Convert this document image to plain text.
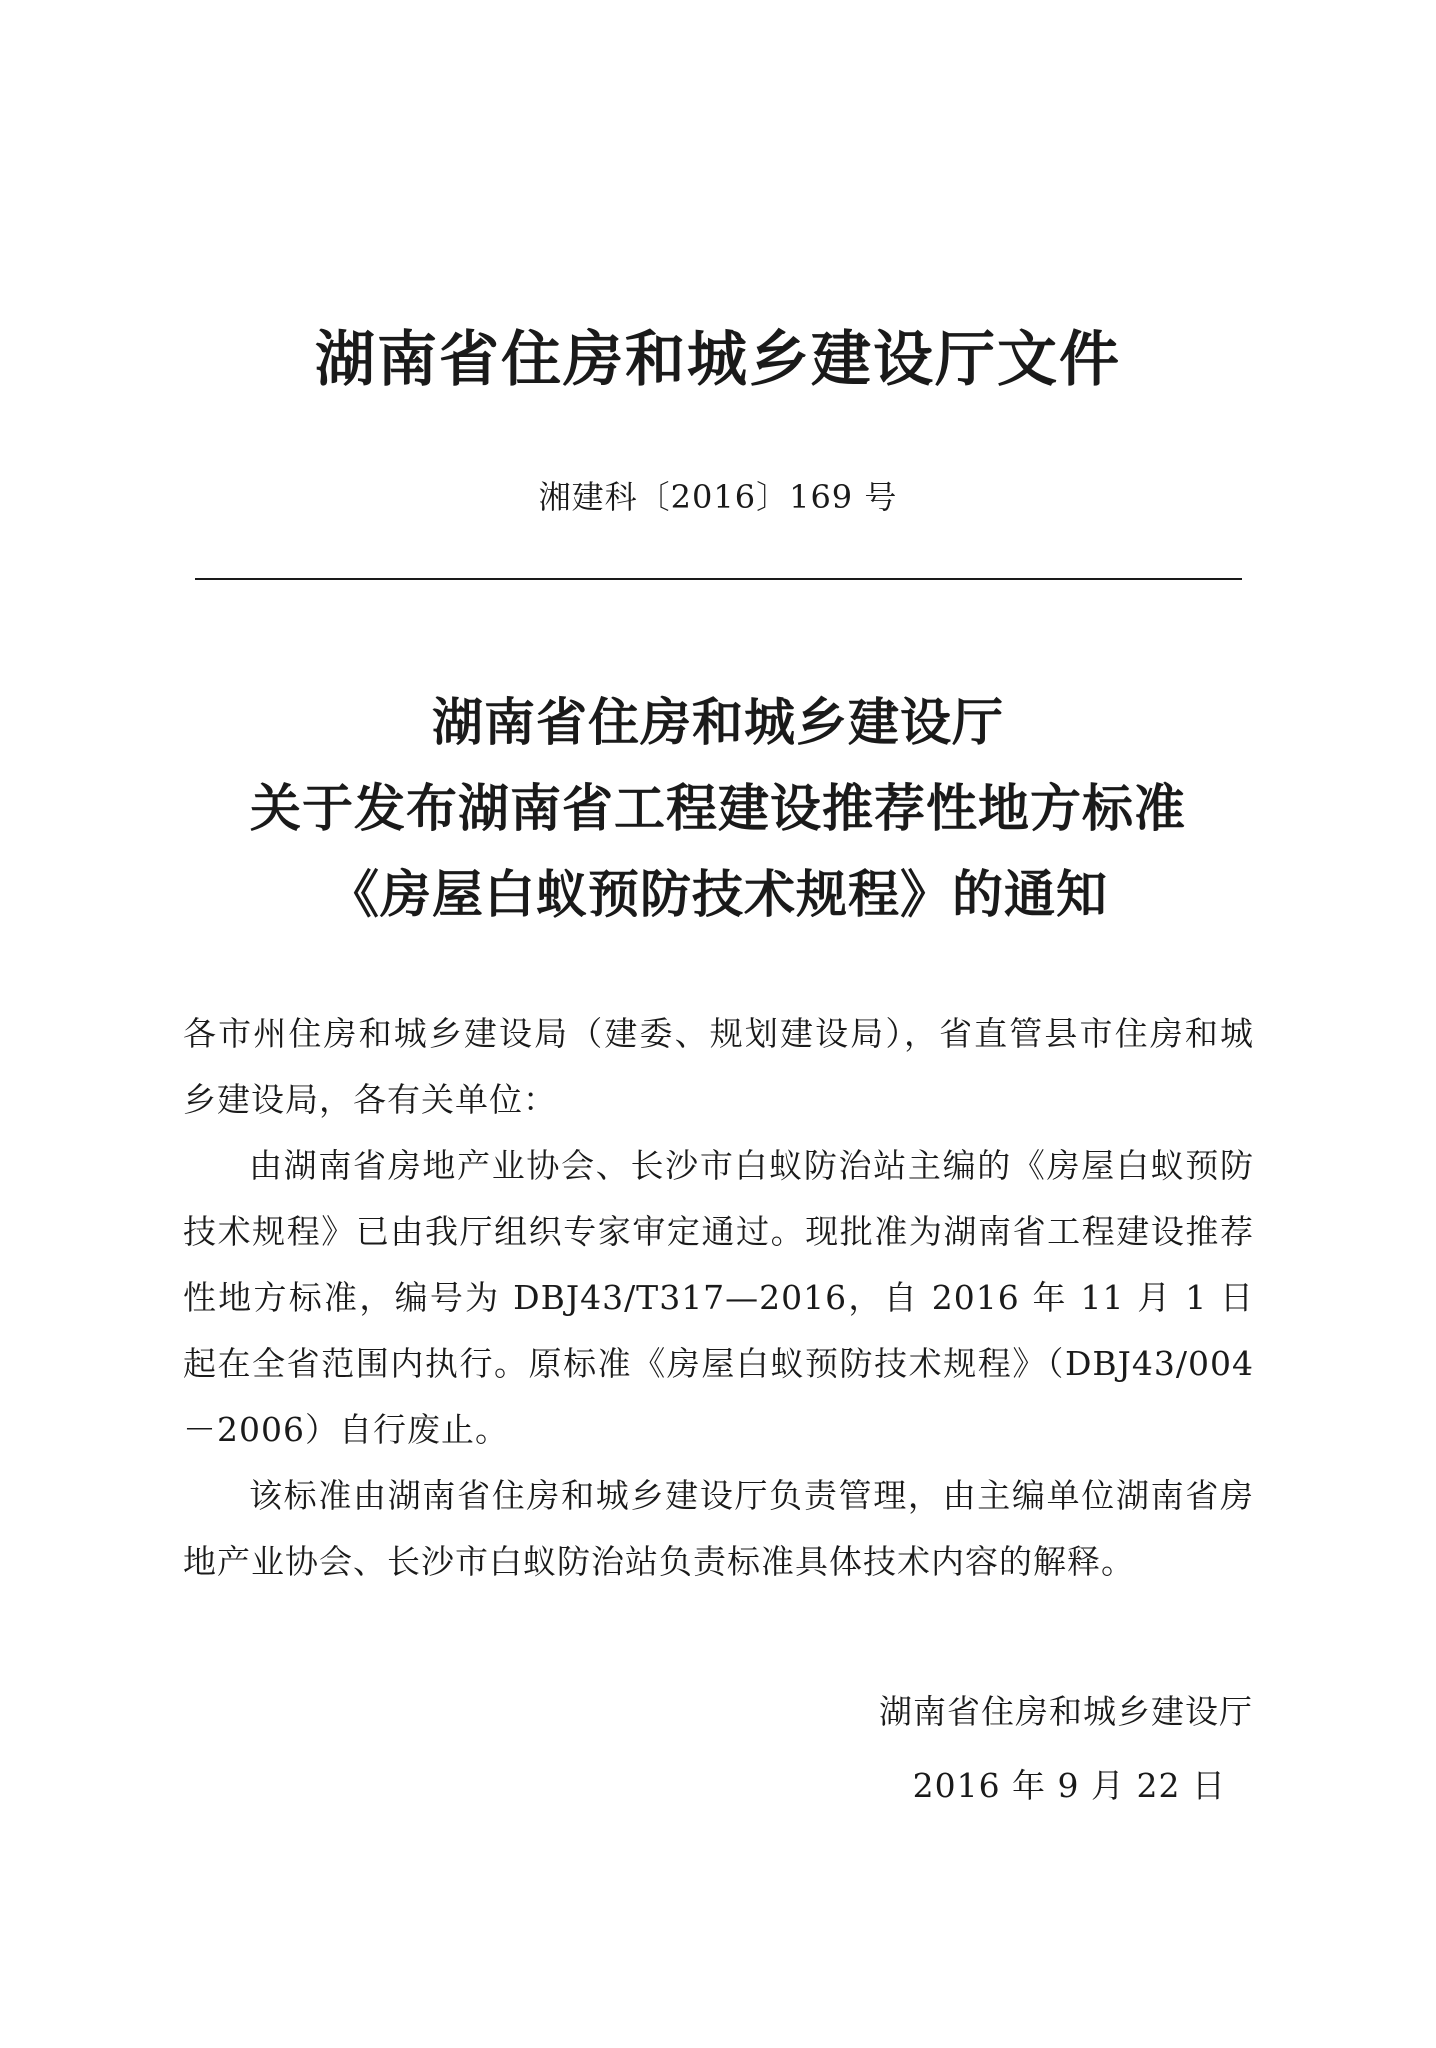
湖南省住房和城乡建设厅文件
湘建科〔2016〕169 号
湖南省住房和城乡建设厅
关于发布湖南省工程建设推荐性地方标准
《房屋白蚁预防技术规程》的通知

各市州住房和城乡建设局（建委、规划建设局），省直管县市住房和城乡建设局，各有关单位：

由湖南省房地产业协会、长沙市白蚁防治站主编的《房屋白蚁预防技术规程》已由我厅组织专家审定通过。现批准为湖南省工程建设推荐性地方标准，编号为 DBJ43/T317—2016，自 2016 年 11 月 1 日起在全省范围内执行。原标准《房屋白蚁预防技术规程》（DBJ43/004－2006）自行废止。

该标准由湖南省住房和城乡建设厅负责管理，由主编单位湖南省房地产业协会、长沙市白蚁防治站负责标准具体技术内容的解释。

湖南省住房和城乡建设厅
2016 年 9 月 22 日
